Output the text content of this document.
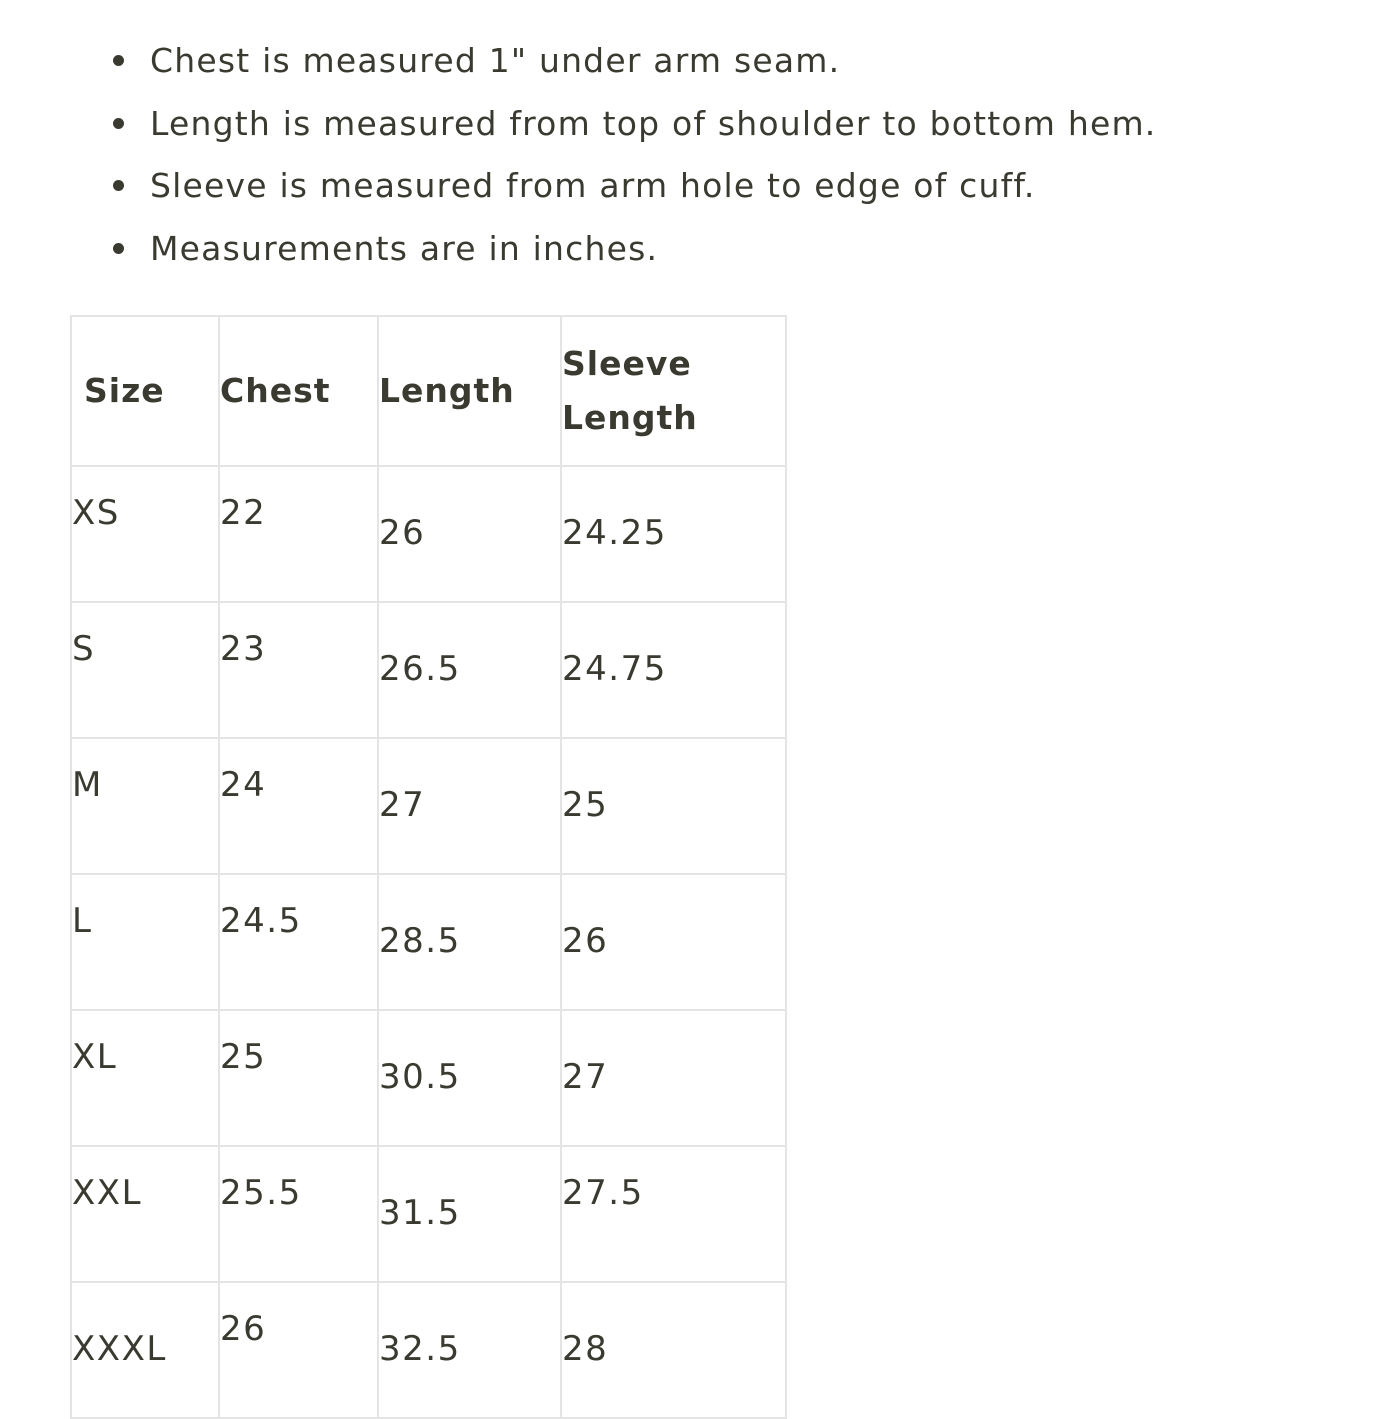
Chest is measured 1" under arm seam.
Length is measured from top of shoulder to bottom hem.
Sleeve is measured from arm hole to edge of cuff.
Measurements are in inches.
Size	Chest	Length	Sleeve
Length

XS	22	26	24.25

S	23	26.5	24.75

M	24	27	25

L	24.5	28.5	26

XL	25	30.5	27

XXL	25.5	31.5	27.5

XXXL	26	32.5	28
